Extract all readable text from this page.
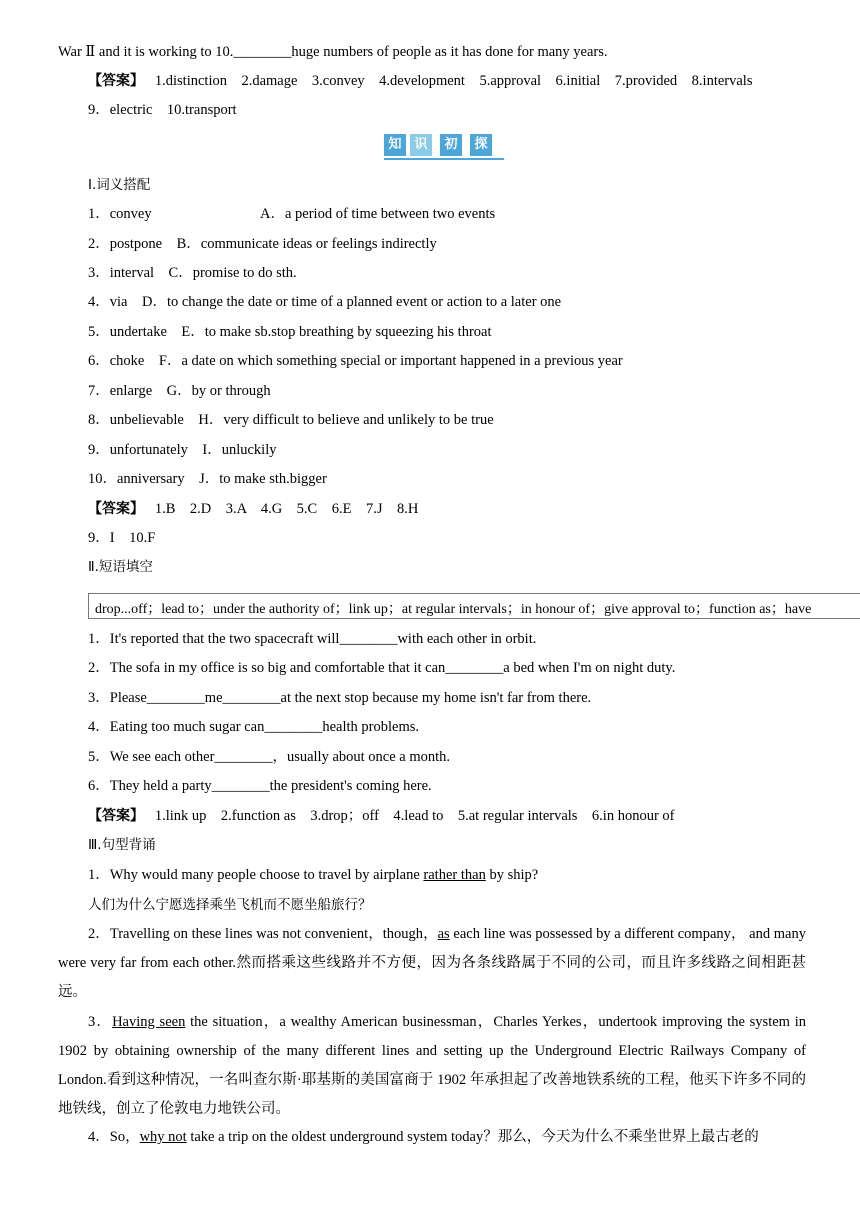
War Ⅱ and it is working to 10.________huge numbers of people as it has done for many years.
【答案】 1.distinction　2.damage　3.convey　4.development　5.approval　6.initial　7.provided　8.intervals
9．electric　10.transport
知 识	初	探
Ⅰ.词义搭配
1．convey	A．a period of time between two events
2．postpone B．communicate ideas or feelings indirectly
3．interval C．promise to do sth.
4．via D．to change the date or time of a planned event or action to a later one
5．undertake E．to make sb.stop breathing by squeezing his throat
6．choke F．a date on which something special or important happened in a previous year
7．enlarge G．by or through
8．unbelievable H．very difficult to believe and unlikely to be true
9．unfortunately I．unluckily
10．anniversary J．to make sth.bigger
【答案】 1.B　2.D　3.A　4.G　5.C　6.E　7.J　8.H
9．I　10.F
Ⅱ.短语填空
drop...off；lead to；under the authority of；link up；at regular intervals；in honour of；give approval to；function as；have
1．It's reported that the two spacecraft will________with each other in orbit.
2．The sofa in my office is so big and comfortable that it can________a bed when I'm on night duty.
3．Please________me________at the next stop because my home isn't far from there.
4．Eating too much sugar can________health problems.
5．We see each other________，usually about once a month.
6．They held a party________the president's coming here.
【答案】 1.link up　2.function as　3.drop；off　4.lead to　5.at regular intervals　6.in honour of
Ⅲ.句型背诵
1．Why would many people choose to travel by airplane rather than by ship?
人们为什么宁愿选择乘坐飞机而不愿坐船旅行？
2．Travelling on these lines was not convenient，though，as each line was possessed by a different company， and many were very far from each other.然而搭乘这些线路并不方便，因为各条线路属于不同的公司，而且许多线路之间相距甚远。
3．Having seen the situation，a wealthy American businessman，Charles Yerkes，undertook improving the system in 1902 by obtaining ownership of the many different lines and setting up the Underground Electric Railways Company of London.看到这种情况，一名叫查尔斯·耶基斯的美国富商于 1902 年承担起了改善地铁系统的工程，他买下许多不同的地铁线，创立了伦敦电力地铁公司。
4．So，why not take a trip on the oldest underground system today？那么，今天为什么不乘坐世界上最古老的
